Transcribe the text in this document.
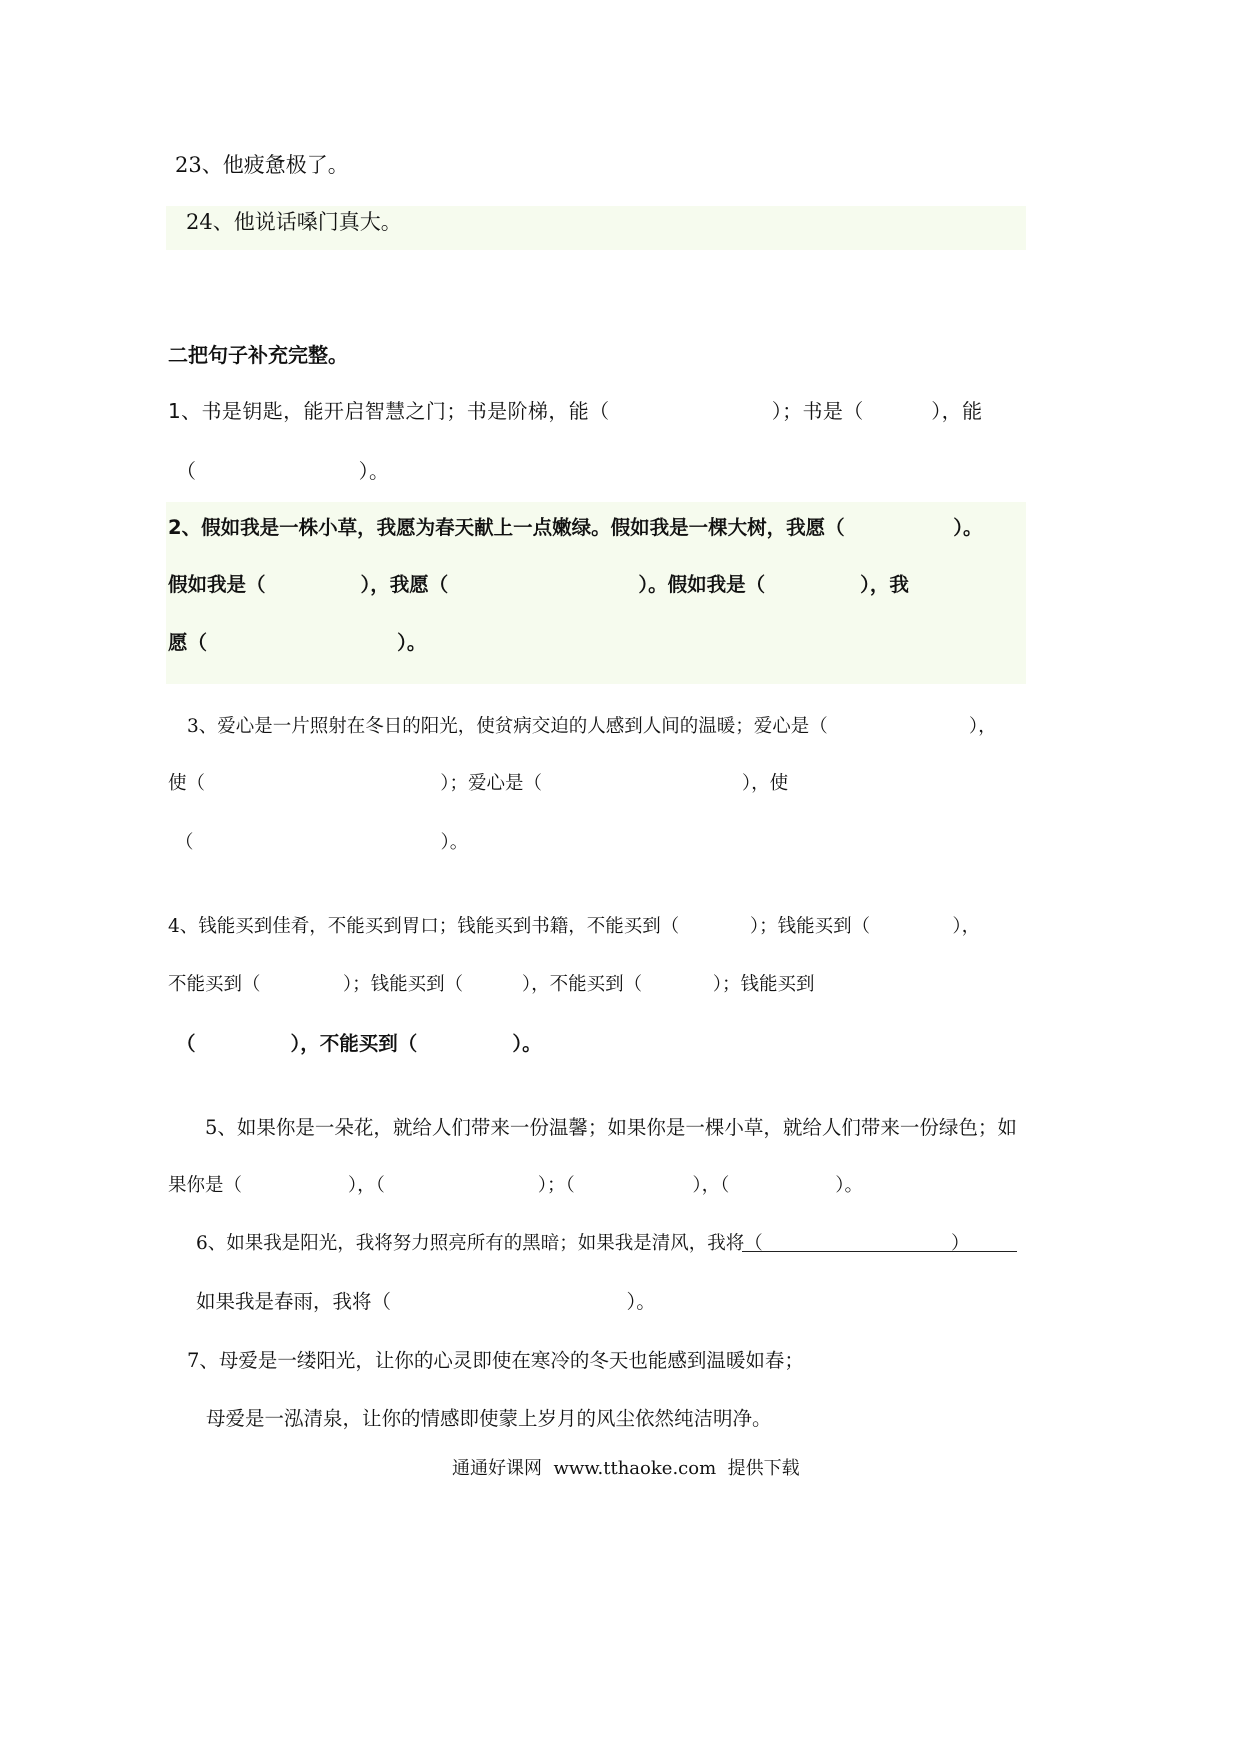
23、他疲惫极了。
24、他说话嗓门真大。
二把句子补充完整。
1、书是钥匙，能开启智慧之门；书是阶梯，能（                        ）；书是（          ），能
（                        ）。
2、假如我是一株小草，我愿为春天献上一点嫩绿。假如我是一棵大树，我愿（                ）。
假如我是（              ），我愿（                            ）。假如我是（              ），我
愿（                            ）。
3、爱心是一片照射在冬日的阳光，使贫病交迫的人感到人间的温暖；爱心是（                        ），
使（                                        ）；爱心是（                                  ），使
（                                          ）。
4、钱能买到佳肴，不能买到胃口；钱能买到书籍，不能买到（            ）；钱能买到（              ），
不能买到（              ）；钱能买到（          ），不能买到（            ）；钱能买到
（              ），不能买到（              ）。
5、如果你是一朵花，就给人们带来一份温馨；如果你是一棵小草，就给人们带来一份绿色；如
果你是（                  ），（                          ）；（                    ），（                  ）。
6、如果我是阳光，我将努力照亮所有的黑暗；如果我是清风，我将（                                ）
如果我是春雨，我将（                                      ）。
7、母爱是一缕阳光，让你的心灵即使在寒冷的冬天也能感到温暖如春；
母爱是一泓清泉，让你的情感即使蒙上岁月的风尘依然纯洁明净。
通通好课网  www.tthaoke.com  提供下载
